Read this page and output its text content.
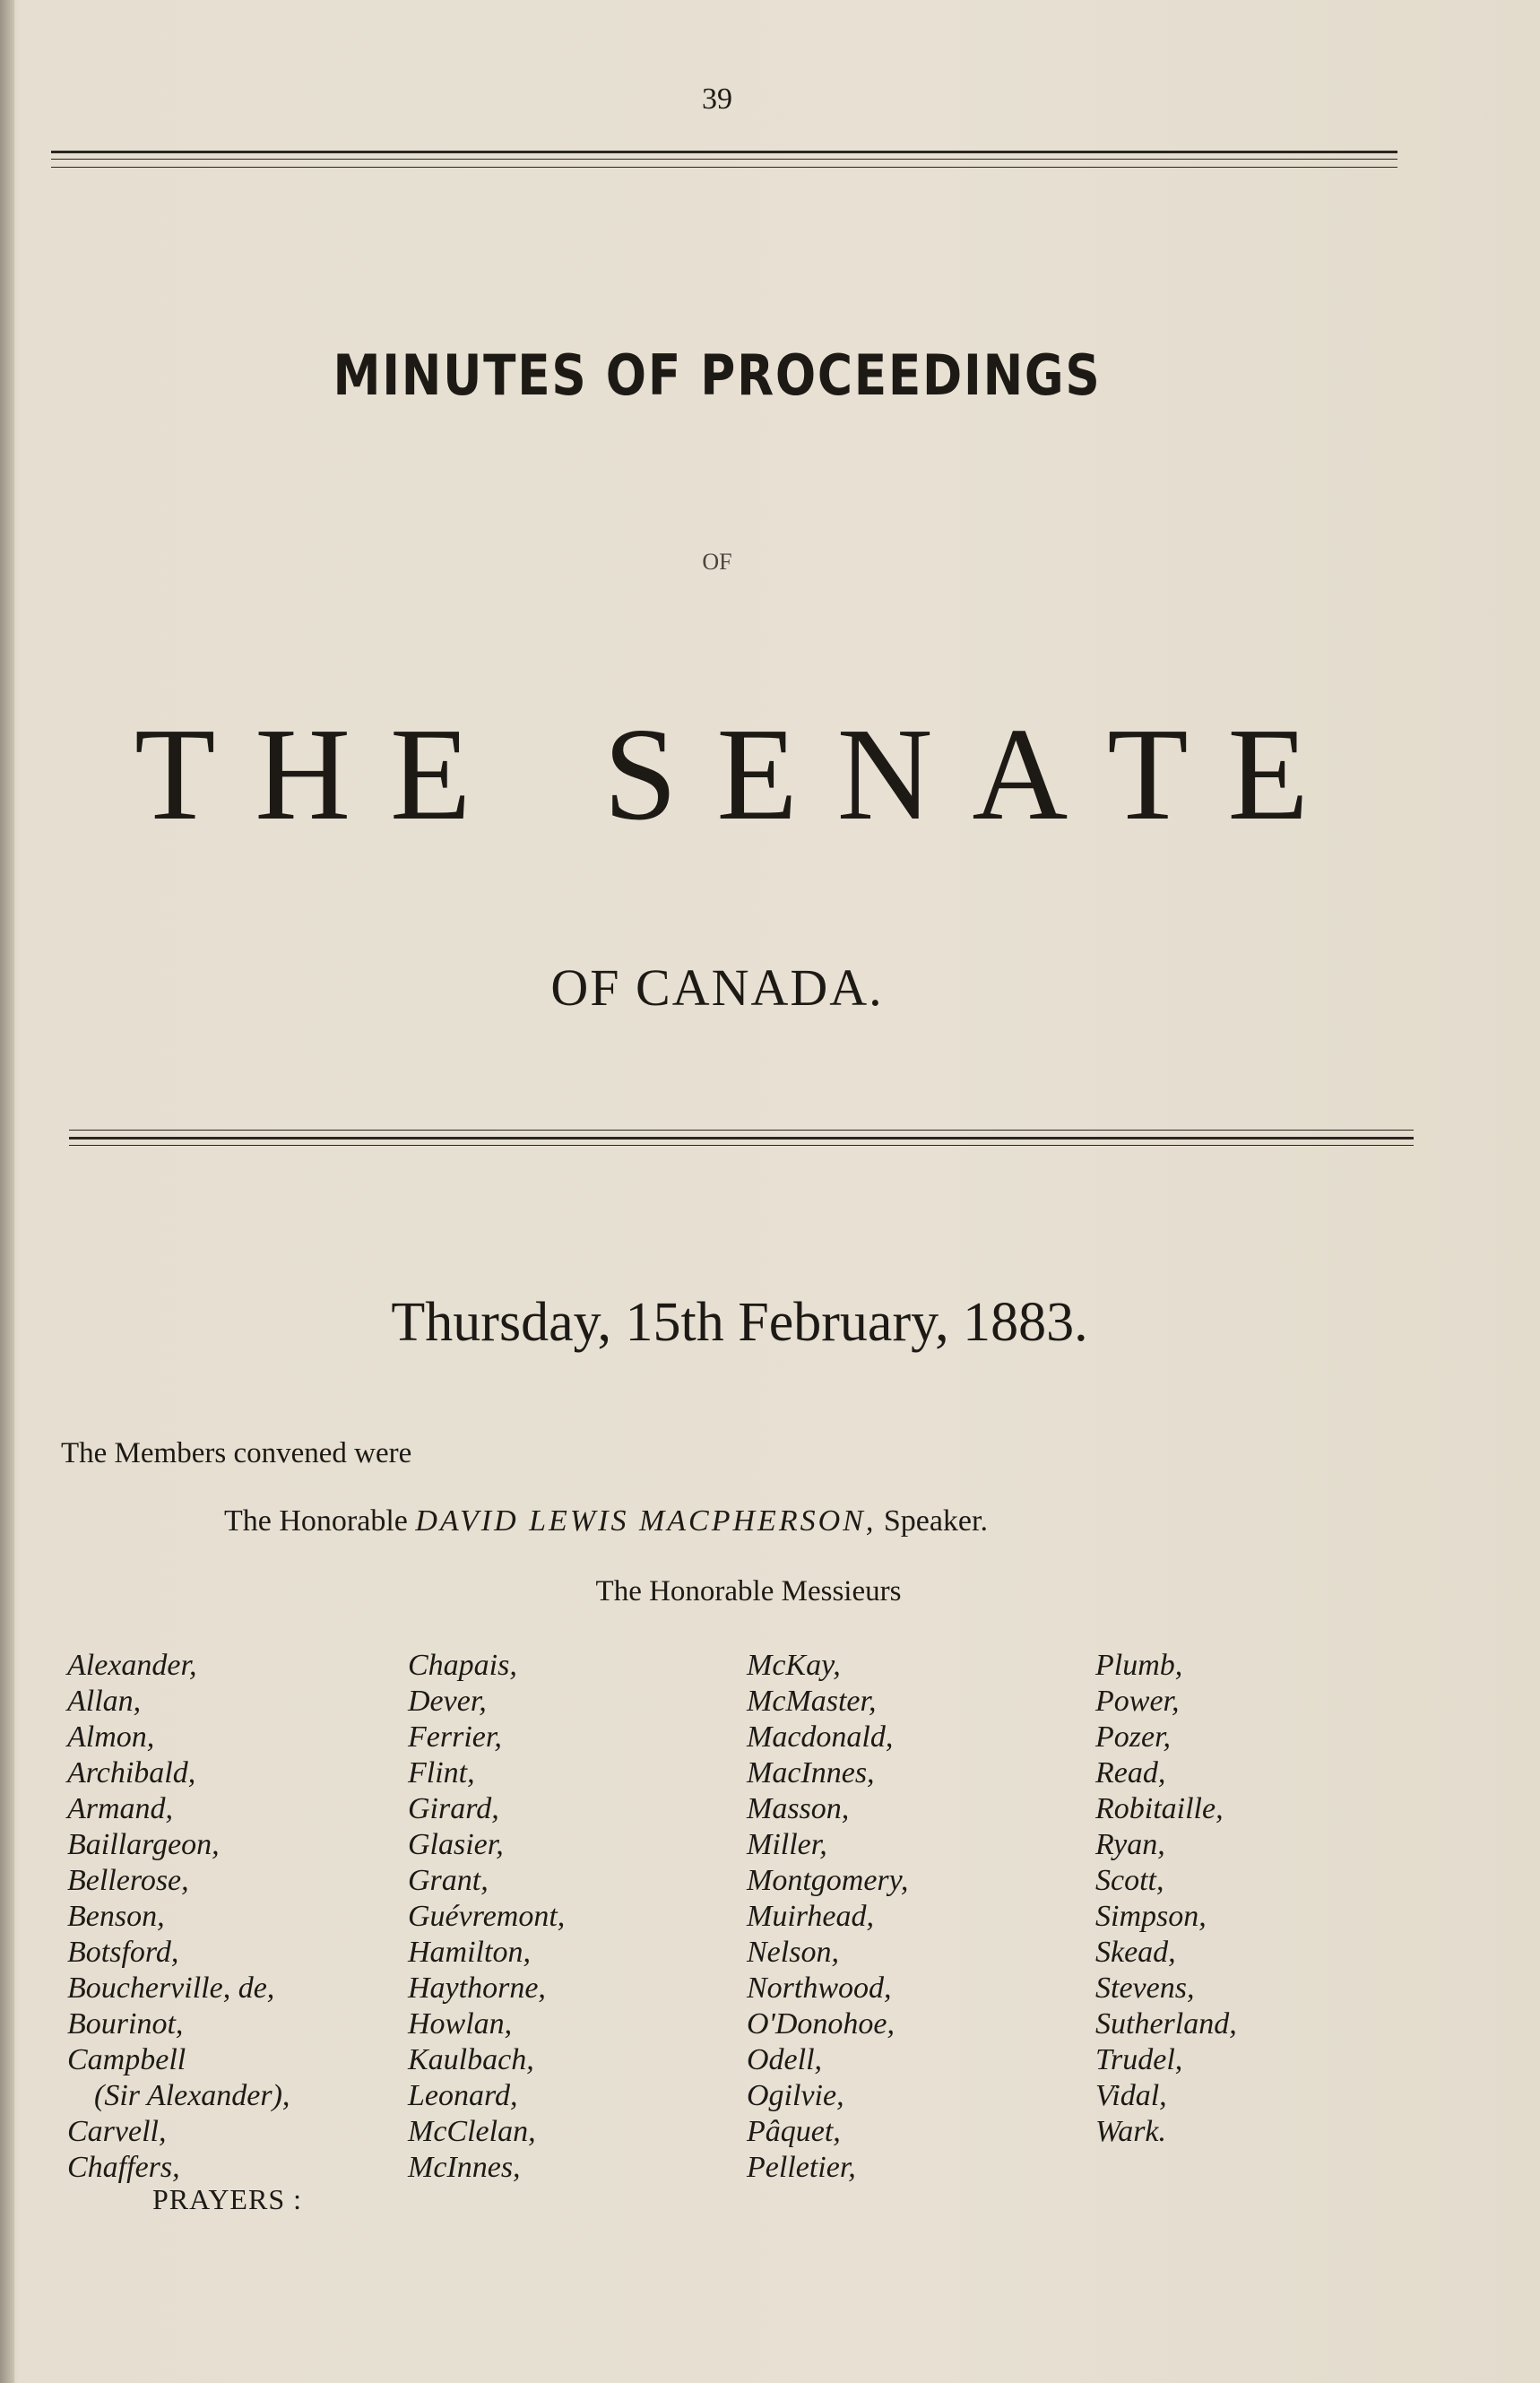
39
MINUTES OF PROCEEDINGS
OF
T H E S E N A T E
OF CANADA.
Thursday, 15th February, 1883.
The Members convened were
The Honorable DAVID LEWIS MACPHERSON, Speaker.
The Honorable Messieurs
Alexander,
Allan,
Almon,
Archibald,
Armand,
Baillargeon,
Bellerose,
Benson,
Botsford,
Boucherville, de,
Bourinot,
Campbell
(Sir Alexander),
Carvell,
Chaffers,
Chapais,
Dever,
Ferrier,
Flint,
Girard,
Glasier,
Grant,
Guévremont,
Hamilton,
Haythorne,
Howlan,
Kaulbach,
Leonard,
McClelan,
McInnes,
McKay,
McMaster,
Macdonald,
MacInnes,
Masson,
Miller,
Montgomery,
Muirhead,
Nelson,
Northwood,
O'Donohoe,
Odell,
Ogilvie,
Pâquet,
Pelletier,
Plumb,
Power,
Pozer,
Read,
Robitaille,
Ryan,
Scott,
Simpson,
Skead,
Stevens,
Sutherland,
Trudel,
Vidal,
Wark.
PRAYERS :
